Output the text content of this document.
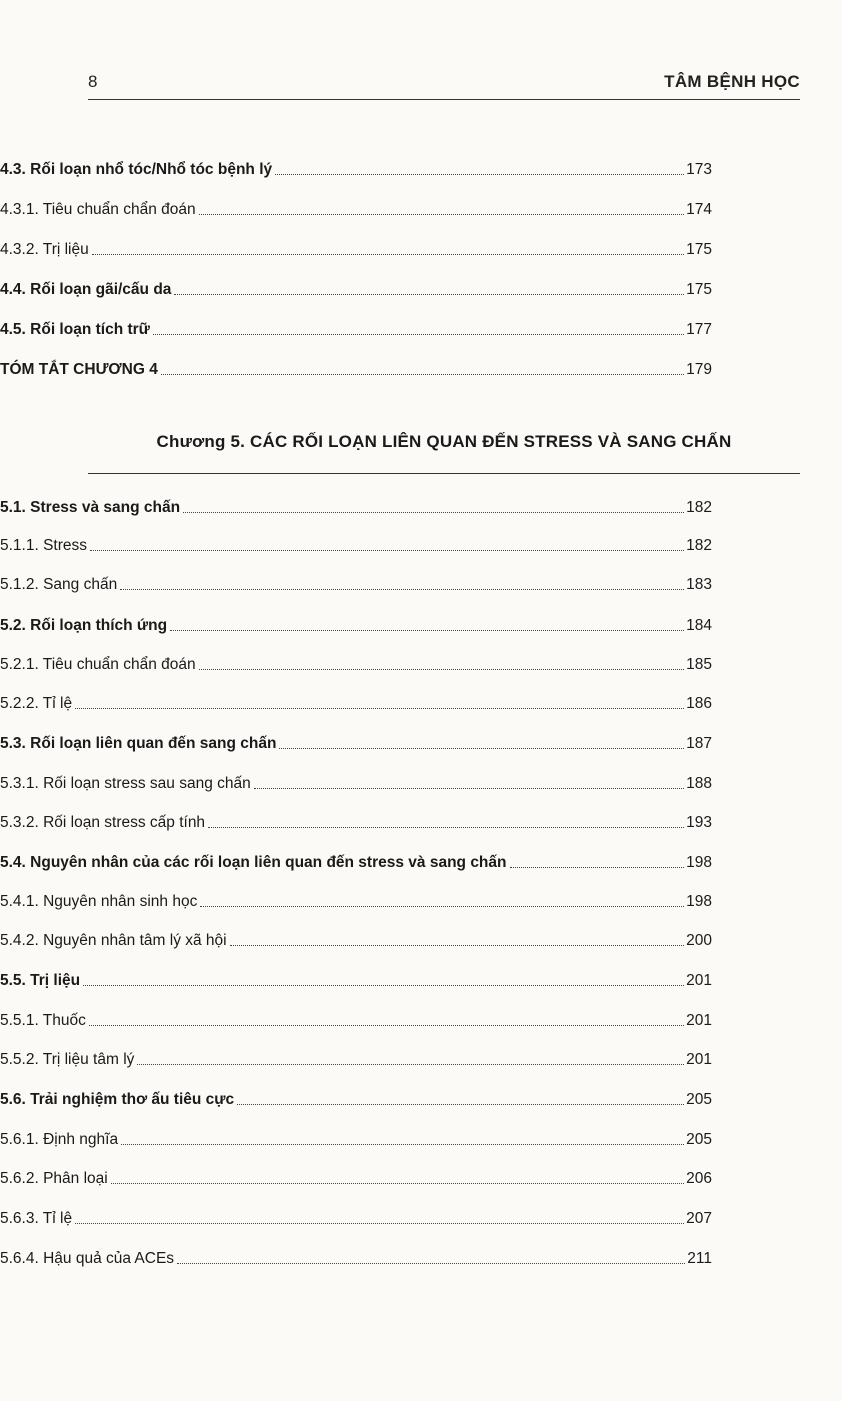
8	TÂM BỆNH HỌC
4.3. Rối loạn nhổ tóc/Nhổ tóc bệnh lý	173
4.3.1. Tiêu chuẩn chẩn đoán	174
4.3.2. Trị liệu	175
4.4. Rối loạn gãi/cấu da	175
4.5. Rối loạn tích trữ	177
TÓM TẮT CHƯƠNG 4	179
Chương 5. CÁC RỐI LOẠN LIÊN QUAN ĐẾN STRESS VÀ SANG CHẤN
5.1. Stress và sang chấn	182
5.1.1. Stress	182
5.1.2. Sang chấn	183
5.2. Rối loạn thích ứng	184
5.2.1. Tiêu chuẩn chẩn đoán	185
5.2.2. Tỉ lệ	186
5.3. Rối loạn liên quan đến sang chấn	187
5.3.1. Rối loạn stress sau sang chấn	188
5.3.2. Rối loạn stress cấp tính	193
5.4. Nguyên nhân của các rối loạn liên quan đến stress và sang chấn	198
5.4.1. Nguyên nhân sinh học	198
5.4.2. Nguyên nhân tâm lý xã hội	200
5.5. Trị liệu	201
5.5.1. Thuốc	201
5.5.2. Trị liệu tâm lý	201
5.6. Trải nghiệm thơ ấu tiêu cực	205
5.6.1. Định nghĩa	205
5.6.2. Phân loại	206
5.6.3. Tỉ lệ	207
5.6.4. Hậu quả của ACEs	211
